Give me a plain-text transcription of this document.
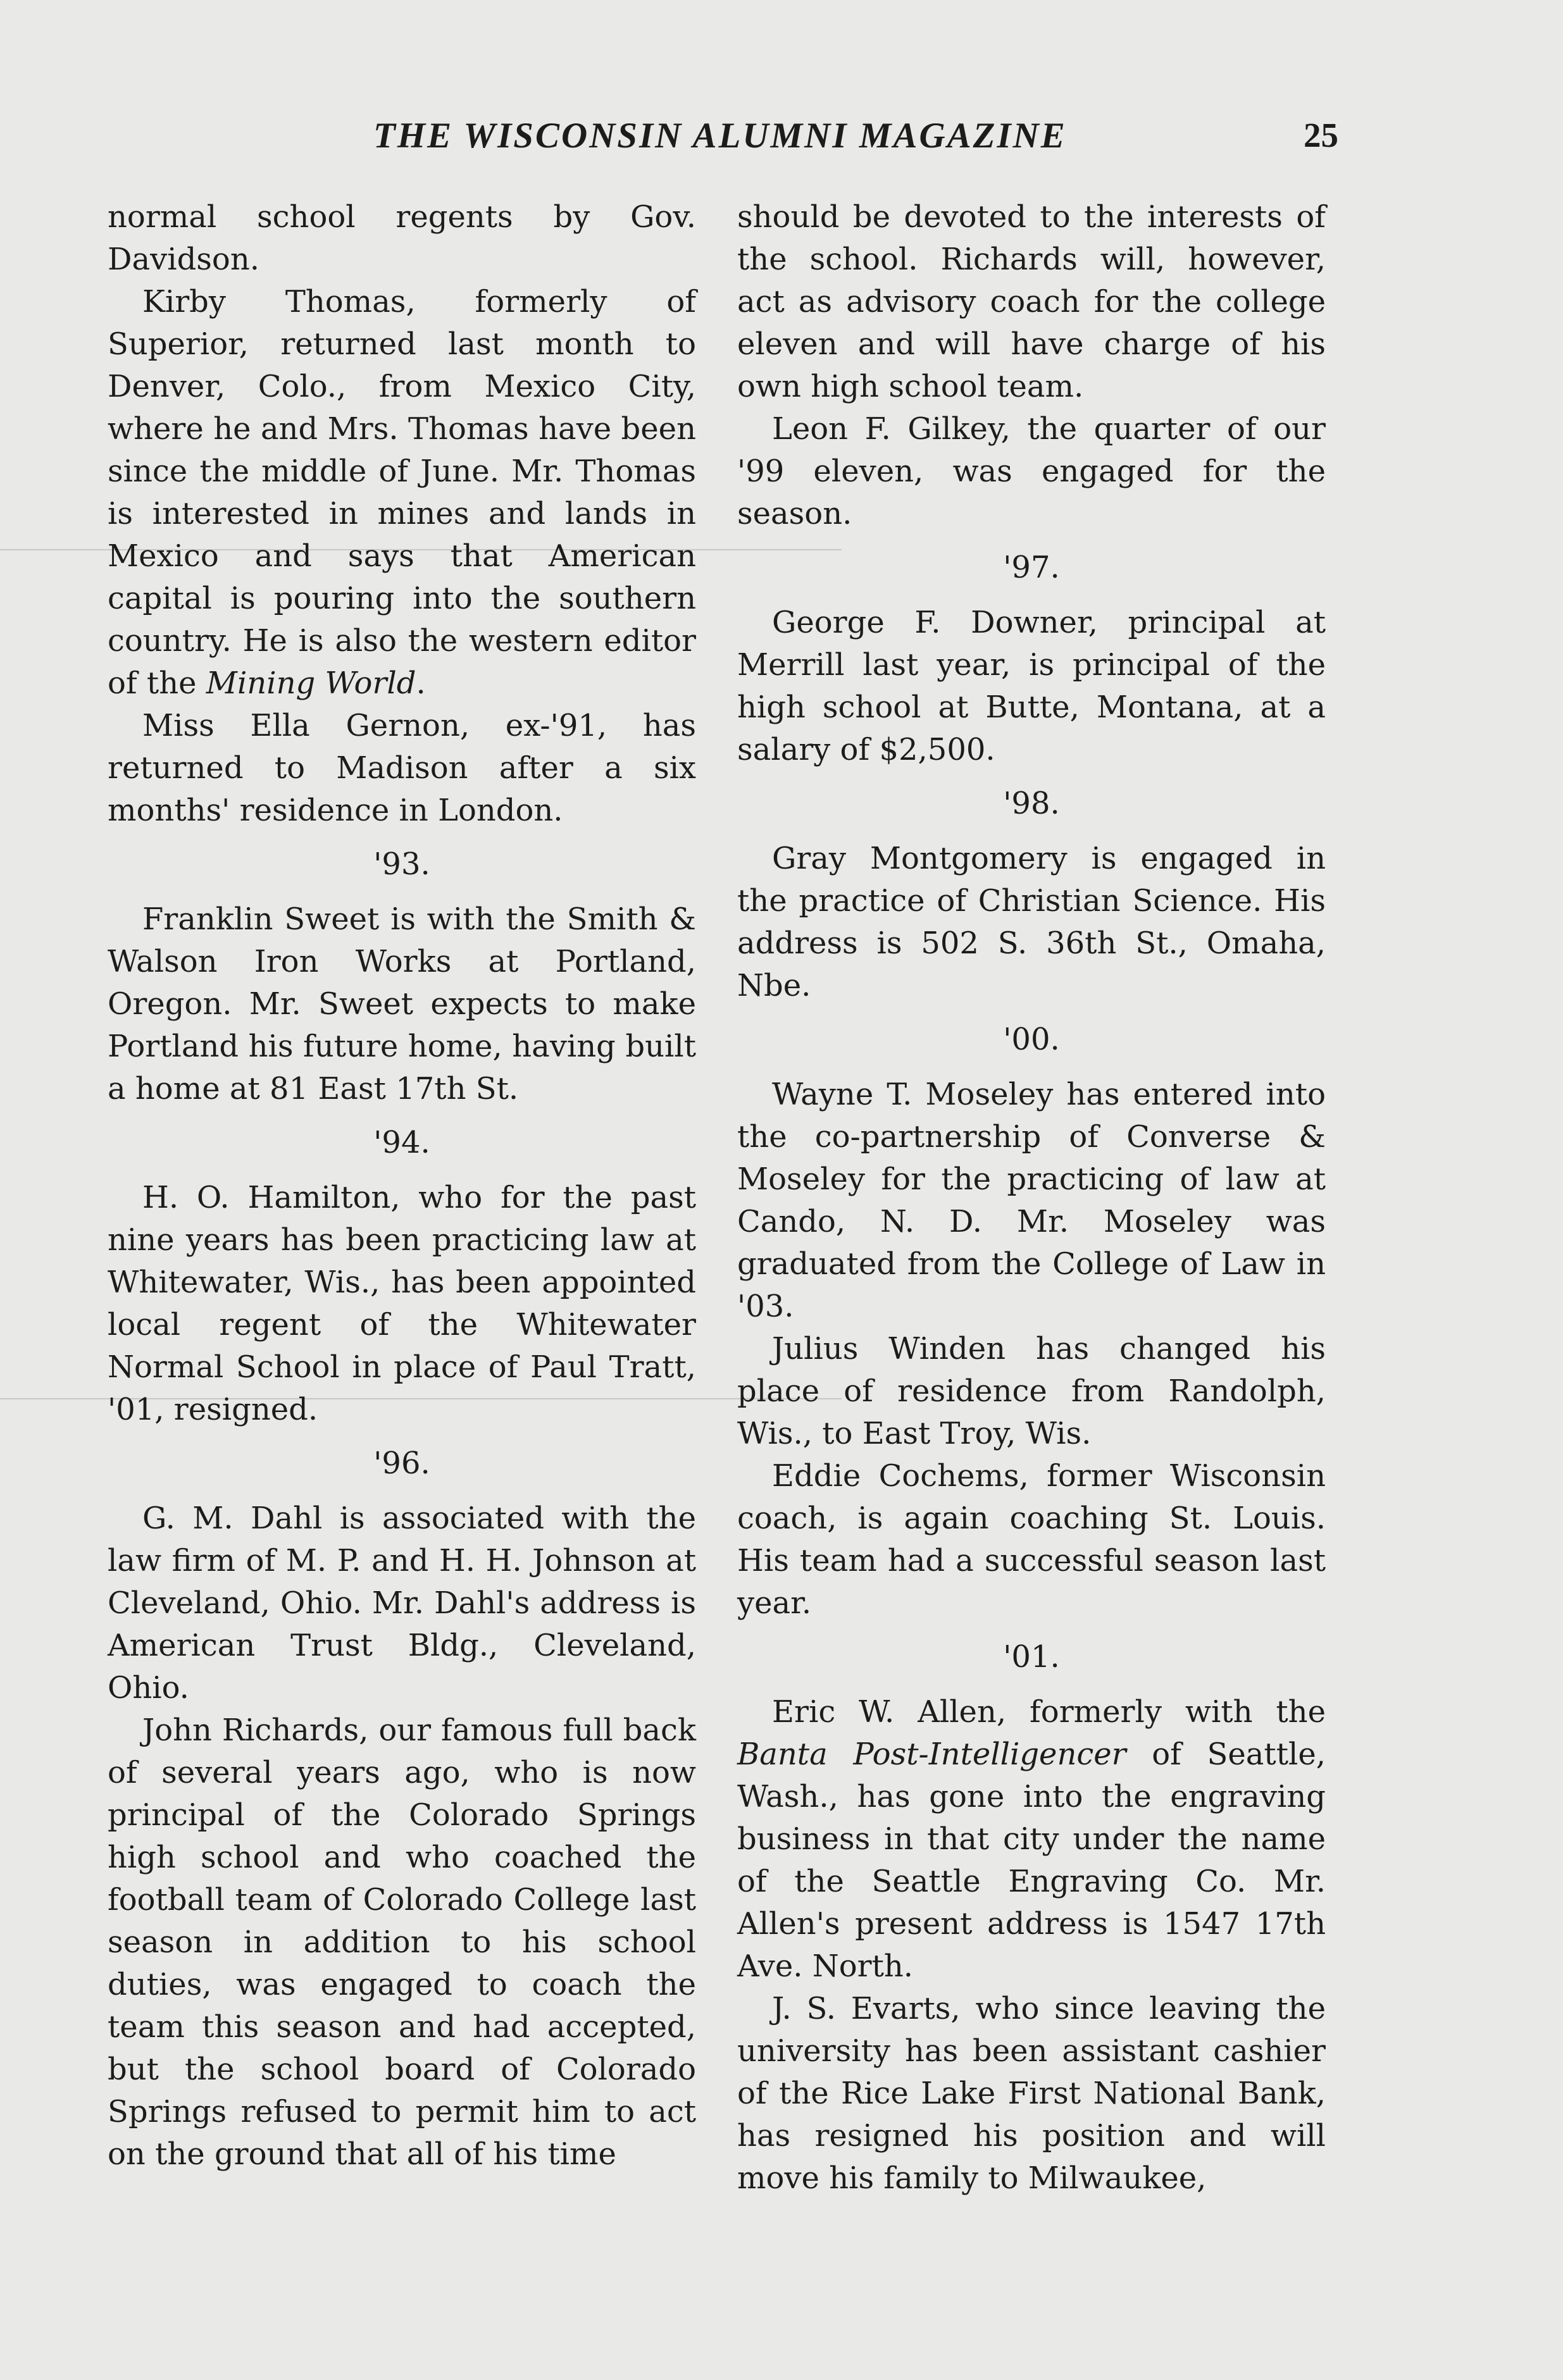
THE WISCONSIN ALUMNI MAGAZINE	25

normal school regents by Gov. Davidson.

Kirby Thomas, formerly of Superior, returned last month to Denver, Colo., from Mexico City, where he and Mrs. Thomas have been since the middle of June. Mr. Thomas is interested in mines and lands in Mexico and says that American capital is pouring into the southern country. He is also the western editor of the Mining World.

Miss Ella Gernon, ex-'91, has returned to Madison after a six months' residence in London.

'93.

Franklin Sweet is with the Smith & Walson Iron Works at Portland, Oregon. Mr. Sweet expects to make Portland his future home, having built a home at 81 East 17th St.

'94.

H. O. Hamilton, who for the past nine years has been practicing law at Whitewater, Wis., has been appointed local regent of the Whitewater Normal School in place of Paul Tratt, '01, resigned.

'96.

G. M. Dahl is associated with the law firm of M. P. and H. H. Johnson at Cleveland, Ohio. Mr. Dahl's address is American Trust Bldg., Cleveland, Ohio.

John Richards, our famous full back of several years ago, who is now principal of the Colorado Springs high school and who coached the football team of Colorado College last season in addition to his school duties, was engaged to coach the team this season and had accepted, but the school board of Colorado Springs refused to permit him to act on the ground that all of his time

should be devoted to the interests of the school. Richards will, however, act as advisory coach for the college eleven and will have charge of his own high school team.

Leon F. Gilkey, the quarter of our '99 eleven, was engaged for the season.

'97.

George F. Downer, principal at Merrill last year, is principal of the high school at Butte, Montana, at a salary of $2,500.

'98.

Gray Montgomery is engaged in the practice of Christian Science. His address is 502 S. 36th St., Omaha, Nbe.

'00.

Wayne T. Moseley has entered into the co-partnership of Converse & Moseley for the practicing of law at Cando, N. D. Mr. Moseley was graduated from the College of Law in '03.

Julius Winden has changed his place of residence from Randolph, Wis., to East Troy, Wis.

Eddie Cochems, former Wisconsin coach, is again coaching St. Louis. His team had a successful season last year.

'01.

Eric W. Allen, formerly with the Banta Post-Intelligencer of Seattle, Wash., has gone into the engraving business in that city under the name of the Seattle Engraving Co. Mr. Allen's present address is 1547 17th Ave. North.

J. S. Evarts, who since leaving the university has been assistant cashier of the Rice Lake First National Bank, has resigned his position and will move his family to Milwaukee,
